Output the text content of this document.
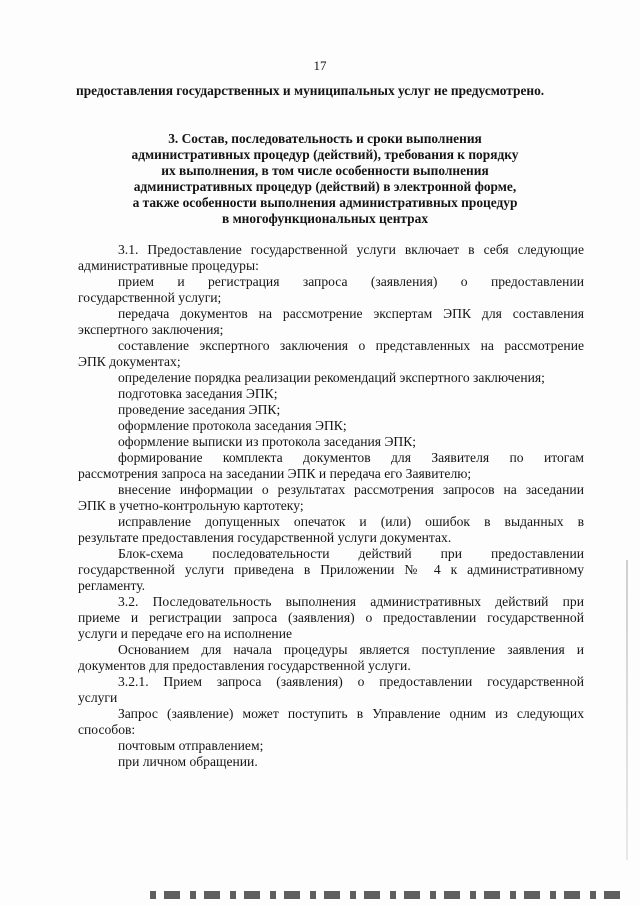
17
предоставления государственных и муниципальных услуг не предусмотрено.
3. Состав, последовательность и сроки выполнения
административных процедур (действий), требования к порядку
их выполнения, в том числе особенности выполнения
административных процедур (действий) в электронной форме,
а также особенности выполнения административных процедур
в многофункциональных центрах
3.1. Предоставление государственной услуги включает в себя следующие
административные процедуры:
прием и регистрация запроса (заявления) о предоставлении
государственной услуги;
передача документов на рассмотрение экспертам ЭПК для составления
экспертного заключения;
составление экспертного заключения о представленных на рассмотрение
ЭПК документах;
определение порядка реализации рекомендаций экспертного заключения;
подготовка заседания ЭПК;
проведение заседания ЭПК;
оформление протокола заседания ЭПК;
оформление выписки из протокола заседания ЭПК;
формирование комплекта документов для Заявителя по итогам
рассмотрения запроса на заседании ЭПК и передача его Заявителю;
внесение информации о результатах рассмотрения запросов на заседании
ЭПК в учетно-контрольную картотеку;
исправление допущенных опечаток и (или) ошибок в выданных в
результате предоставления государственной услуги документах.
Блок-схема последовательности действий при предоставлении
государственной услуги приведена в Приложении № 4 к административному
регламенту.
3.2. Последовательность выполнения административных действий при
приеме и регистрации запроса (заявления) о предоставлении государственной
услуги и передаче его на исполнение
Основанием для начала процедуры является поступление заявления и
документов для предоставления государственной услуги.
3.2.1. Прием запроса (заявления) о предоставлении государственной
услуги
Запрос (заявление) может поступить в Управление одним из следующих
способов:
почтовым отправлением;
при личном обращении.
